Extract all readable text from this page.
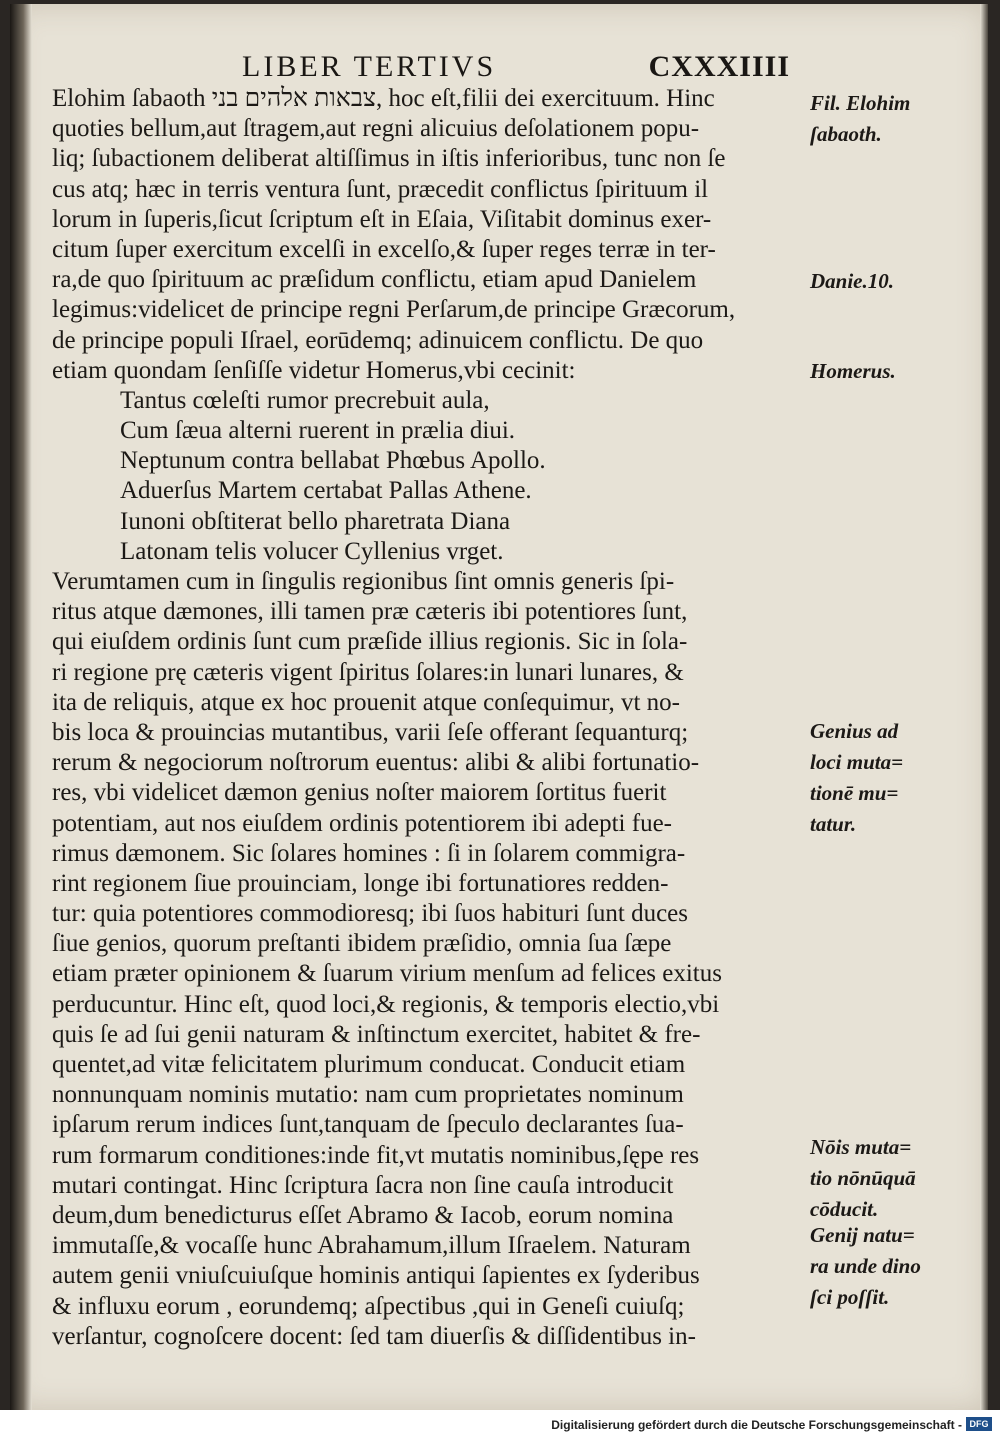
LIBER TERTIVS	CXXXIIII
Elohim ſabaoth צבאות אלהים בני, hoc eſt,filii dei exercituum. Hinc
quoties bellum,aut ſtragem,aut regni alicuius deſolationem popu-
liq; ſubactionem deliberat altiſſimus in iſtis inferioribus, tunc non ſe
cus atq; hæc in terris ventura ſunt, præcedit conflictus ſpirituum il
lorum in ſuperis,ſicut ſcriptum eſt in Eſaia, Viſitabit dominus exer-
citum ſuper exercitum excelſi in excelſo,& ſuper reges terræ in ter-
ra,de quo ſpirituum ac præſidum conflictu, etiam apud Danielem
legimus:videlicet de principe regni Perſarum,de principe Græcorum,
de principe populi Iſrael, eorūdemq; adinuicem conflictu. De quo
etiam quondam ſenſiſſe videtur Homerus,vbi cecinit:
Tantus cœleſti rumor precrebuit aula,
Cum ſæua alterni ruerent in prælia diui.
Neptunum contra bellabat Phœbus Apollo.
Aduerſus Martem certabat Pallas Athene.
Iunoni obſtiterat bello pharetrata Diana
Latonam telis volucer Cyllenius vrget.
Verumtamen cum in ſingulis regionibus ſint omnis generis ſpi-
ritus atque dæmones, illi tamen præ cæteris ibi potentiores ſunt,
qui eiuſdem ordinis ſunt cum præſide illius regionis. Sic in ſola-
ri regione prę cæteris vigent ſpiritus ſolares:in lunari lunares, &
ita de reliquis, atque ex hoc prouenit atque conſequimur, vt no-
bis loca & prouincias mutantibus, varii ſeſe offerant ſequanturq;
rerum & negociorum noſtrorum euentus: alibi & alibi fortunatio-
res, vbi videlicet dæmon genius noſter maiorem ſortitus fuerit
potentiam, aut nos eiuſdem ordinis potentiorem ibi adepti fue-
rimus dæmonem. Sic ſolares homines : ſi in ſolarem commigra-
rint regionem ſiue prouinciam, longe ibi fortunatiores redden-
tur: quia potentiores commodioresq; ibi ſuos habituri ſunt duces
ſiue genios, quorum preſtanti ibidem præſidio, omnia ſua ſæpe
etiam præter opinionem & ſuarum virium menſum ad felices exitus
perducuntur. Hinc eſt, quod loci,& regionis, & temporis electio,vbi
quis ſe ad ſui genii naturam & inſtinctum exercitet, habitet & fre-
quentet,ad vitæ felicitatem plurimum conducat. Conducit etiam
nonnunquam nominis mutatio: nam cum proprietates nominum
ipſarum rerum indices ſunt,tanquam de ſpeculo declarantes ſua-
rum formarum conditiones:inde fit,vt mutatis nominibus,ſępe res
mutari contingat. Hinc ſcriptura ſacra non ſine cauſa introducit
deum,dum benedicturus eſſet Abramo & Iacob, eorum nomina
immutaſſe,& vocaſſe hunc Abrahamum,illum Iſraelem. Naturam
autem genii vniuſcuiuſque hominis antiqui ſapientes ex ſyderibus
& influxu eorum , eorundemq; aſpectibus ,qui in Geneſi cuiuſq;
verſantur, cognoſcere docent: ſed tam diuerſis & diſſidentibus in-
Fil. Elohim
ſabaoth.
Danie.10.
Homerus.
Genius ad
loci muta=
tionē mu=
tatur.
Nōis muta=
tio nōnūquā
cōducit.
Genij natu=
ra unde dino
ſci poſſit.
Digitalisierung gefördert durch die Deutsche Forschungsgemeinschaft - DFG
